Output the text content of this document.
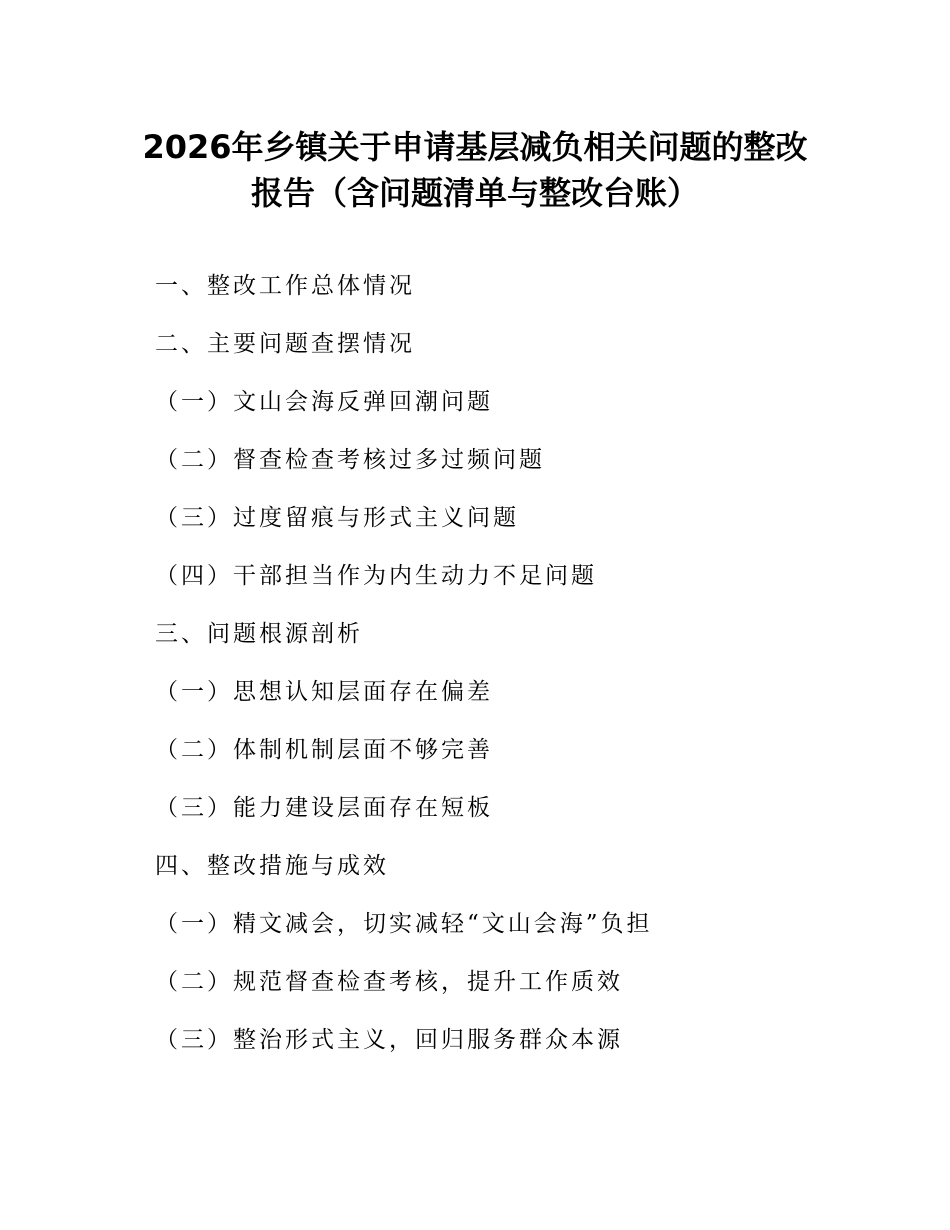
2026年乡镇关于申请基层减负相关问题的整改
报告（含问题清单与整改台账）
一、整改工作总体情况
二、主要问题查摆情况
（一）文山会海反弹回潮问题
（二）督查检查考核过多过频问题
（三）过度留痕与形式主义问题
（四）干部担当作为内生动力不足问题
三、问题根源剖析
（一）思想认知层面存在偏差
（二）体制机制层面不够完善
（三）能力建设层面存在短板
四、整改措施与成效
（一）精文减会，切实减轻“文山会海”负担
（二）规范督查检查考核，提升工作质效
（三）整治形式主义，回归服务群众本源
